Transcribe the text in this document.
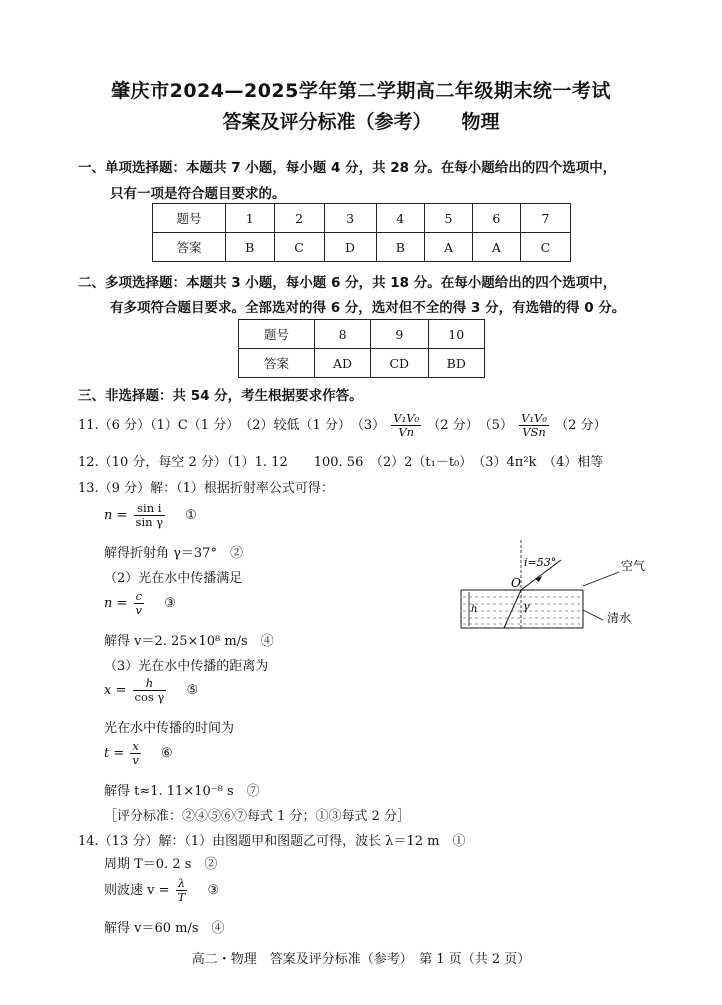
肇庆市2024—2025学年第二学期高二年级期末统一考试
答案及评分标准（参考） 物理
一、单项选择题：本题共 7 小题，每小题 4 分，共 28 分。在每小题给出的四个选项中，
只有一项是符合题目要求的。
题号	1	2	3	4	5	6	7
答案	B	C	D	B	A	A	C
二、多项选择题：本题共 3 小题，每小题 6 分，共 18 分。在每小题给出的四个选项中，
有多项符合题目要求。全部选对的得 6 分，选对但不全的得 3 分，有选错的得 0 分。
题号	8	9	10
答案	AD	CD	BD
三、非选择题：共 54 分，考生根据要求作答。
11.（6 分）（1）C（1 分）　（2）较低（1 分）　$(3) \frac{\text{V₁V₀}}{Vn} (2$ 分）　$(5) \frac{\text{V₁V₀}}{\text{VSn}} (2$ 分）
12.（10 分，每空 2 分）（1）1. 12　　100. 56　（2）2（t₁－t₀）　（3）4π²k　（4）相等
13.（9 分）解：（1）根据折射率公式可得：
$n = \frac{\text{sin i}}{\text{sin γ}}$ ①
解得折射角 γ＝37°　②
（2）光在水中传播满足
$n = \frac{c}{v}$ ③
解得 v＝2. 25×10⁸ m/s　④
（3）光在水中传播的距离为
$x = \frac{h}{\text{cos γ}}$ ⑤
光在水中传播的时间为
$t = \frac{x}{v}$ ⑥
解得 t≈1. 11×10⁻⁸ s　⑦
［评分标准：②④⑤⑥⑦每式 1 分；①③每式 2 分］
i=53°
O
γ
h
空气
清水
14.（13 分）解：（1）由图题甲和图题乙可得，波长 λ＝12 m　①
周期 T＝0. 2 s　②
则波速 $v = \frac{\lambda}{T}$ ③
解得 v＝60 m/s　④
高二・物理　答案及评分标准（参考）　第 1 页（共 2 页）
